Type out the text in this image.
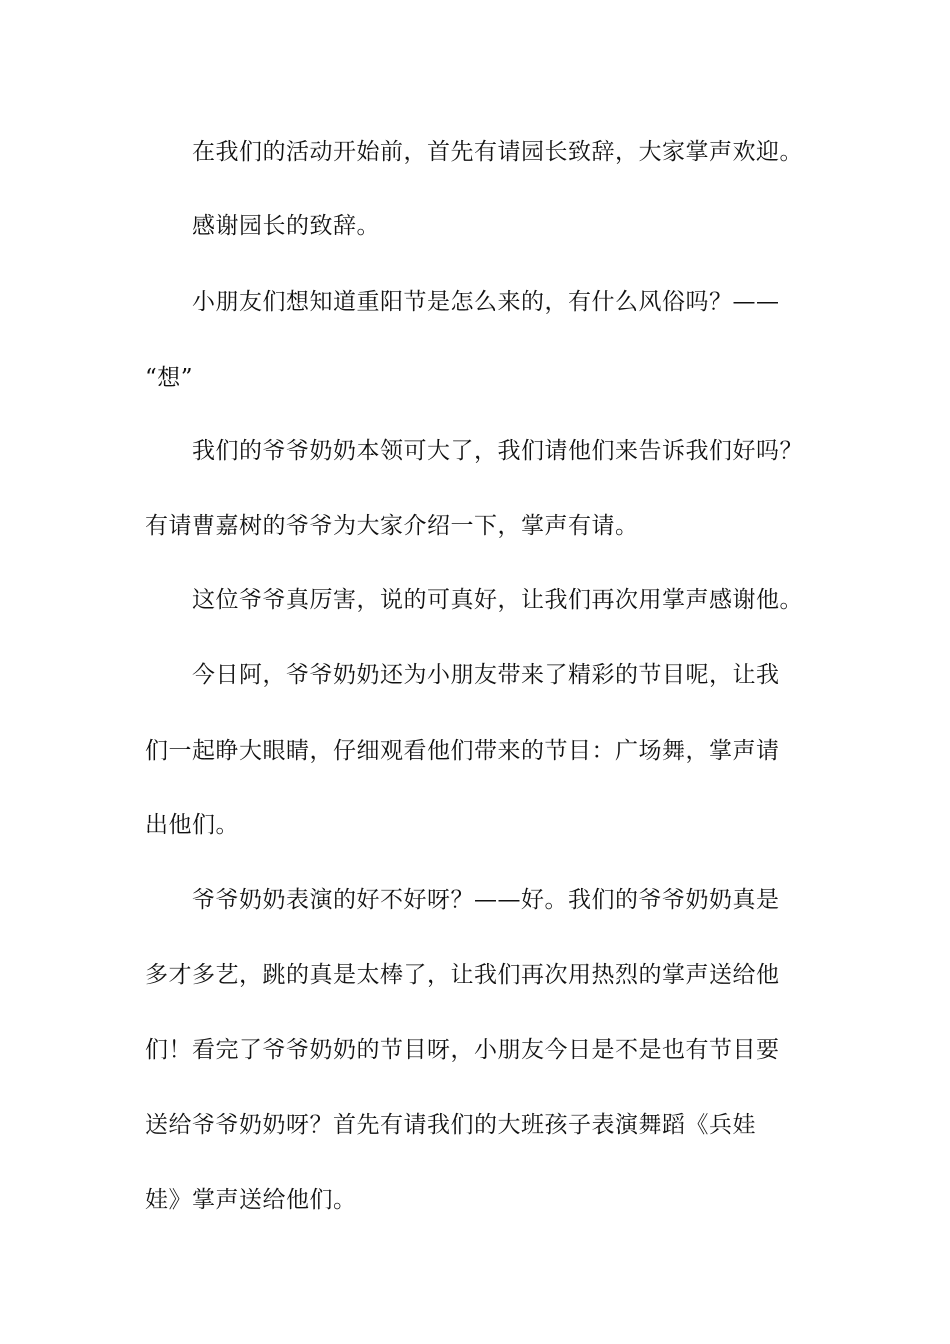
在我们的活动开始前，首先有请园长致辞，大家掌声欢迎。
感谢园长的致辞。
小朋友们想知道重阳节是怎么来的，有什么风俗吗？——
“想”
我们的爷爷奶奶本领可大了，我们请他们来告诉我们好吗？
有请曹嘉树的爷爷为大家介绍一下，掌声有请。
这位爷爷真厉害，说的可真好，让我们再次用掌声感谢他。
今日阿，爷爷奶奶还为小朋友带来了精彩的节目呢，让我
们一起睁大眼睛，仔细观看他们带来的节目：广场舞，掌声请
出他们。
爷爷奶奶表演的好不好呀？——好。我们的爷爷奶奶真是
多才多艺，跳的真是太棒了，让我们再次用热烈的掌声送给他
们！看完了爷爷奶奶的节目呀，小朋友今日是不是也有节目要
送给爷爷奶奶呀？首先有请我们的大班孩子表演舞蹈《兵娃
娃》掌声送给他们。
